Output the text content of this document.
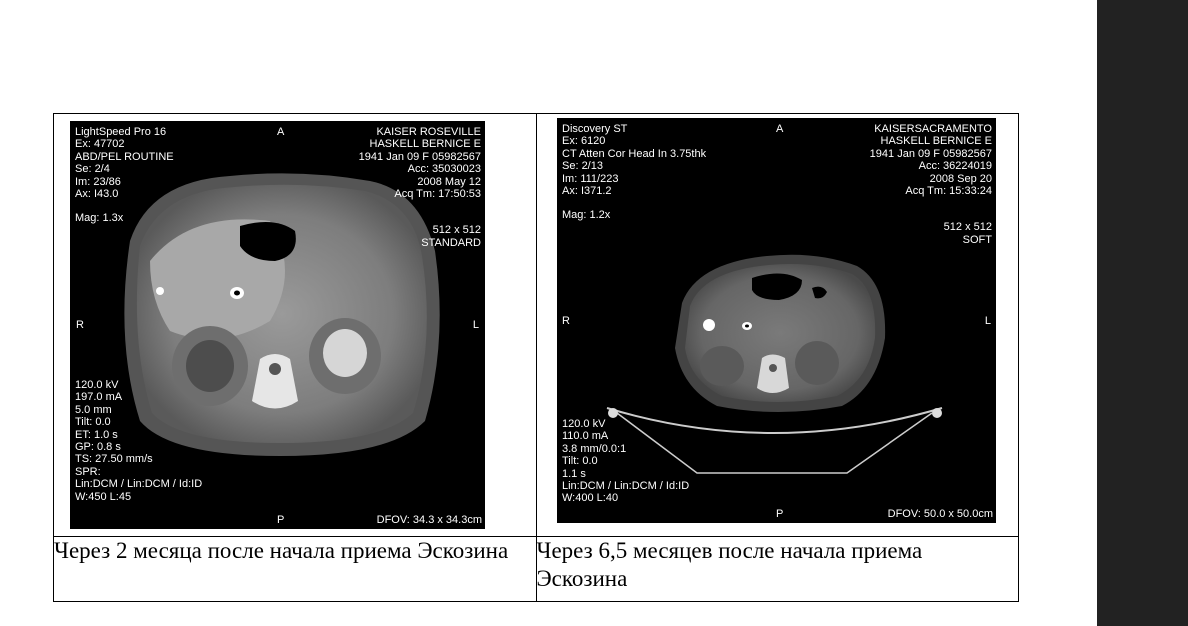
Через 2 месяца после начала приема Эскозина	Через 6,5 месяцев после начала приема Эскозина
LightSpeed Pro 16
Ex: 47702
ABD/PEL ROUTINE
Se: 2/4
Im: 23/86
Ax: I43.0
Mag: 1.3x
A	KAISER ROSEVILLE
HASKELL BERNICE E
1941 Jan 09 F 05982567
Acc: 35030023
2008 May 12
Acq Tm: 17:50:53
512 x 512
STANDARD
R	L
120.0 kV
197.0 mA
5.0 mm
Tilt: 0.0
ET: 1.0 s
GP: 0.8 s
TS: 27.50 mm/s
SPR:
Lin:DCM / Lin:DCM / Id:ID
W:450 L:45
P	DFOV: 34.3 x 34.3cm
Discovery ST
Ex: 6120
CT Atten Cor Head In 3.75thk
Se: 2/13
Im: 111/223
Ax: I371.2
Mag: 1.2x
A	KAISERSACRAMENTO
HASKELL BERNICE E
1941 Jan 09 F 05982567
Acc: 36224019
2008 Sep 20
Acq Tm: 15:33:24
512 x 512
SOFT
R	L
120.0 kV
110.0 mA
3.8 mm/0.0:1
Tilt: 0.0
1.1 s
Lin:DCM / Lin:DCM / Id:ID
W:400 L:40
P	DFOV: 50.0 x 50.0cm
